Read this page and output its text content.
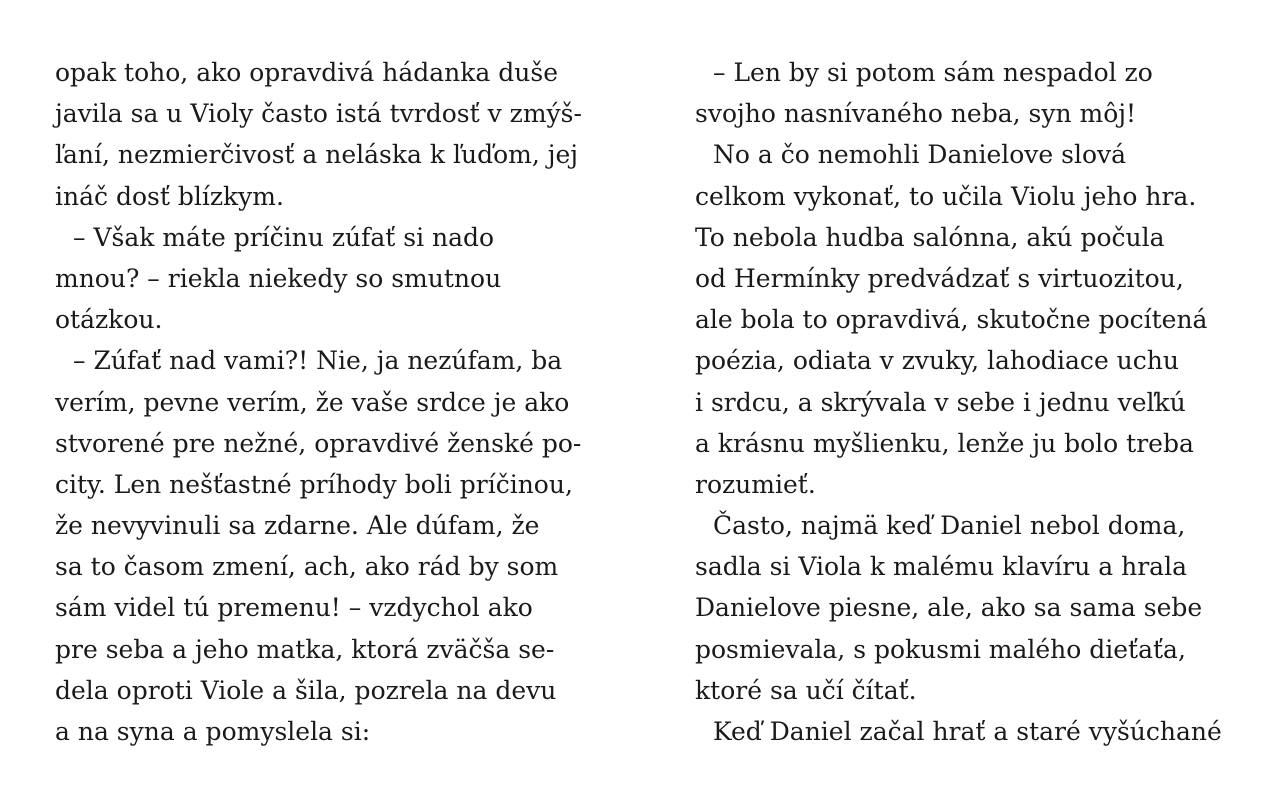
opak toho, ako opravdivá hádanka duše
javila sa u Violy často istá tvrdosť v zmýš-
ľaní, nezmierčivosť a neláska k ľuďom, jej
ináč dosť blízkym.
– Však máte príčinu zúfať si nado
mnou? – riekla niekedy so smutnou
otázkou.
– Zúfať nad vami?! Nie, ja nezúfam, ba
verím, pevne verím, že vaše srdce je ako
stvorené pre nežné, opravdivé ženské po-
city. Len nešťastné príhody boli príčinou,
že nevyvinuli sa zdarne. Ale dúfam, že
sa to časom zmení, ach, ako rád by som
sám videl tú premenu! – vzdychol ako
pre seba a jeho matka, ktorá zväčša se-
dela oproti Viole a šila, pozrela na devu
a na syna a pomyslela si:
– Len by si potom sám nespadol zo
svojho nasnívaného neba, syn môj!
No a čo nemohli Danielove slová
celkom vykonať, to učila Violu jeho hra.
To nebola hudba salónna, akú počula
od Hermínky predvádzať s virtuozitou,
ale bola to opravdivá, skutočne pocítená
poézia, odiata v zvuky, lahodiace uchu
i srdcu, a skrývala v sebe i jednu veľkú
a krásnu myšlienku, lenže ju bolo treba
rozumieť.
Často, najmä keď Daniel nebol doma,
sadla si Viola k malému klavíru a hrala
Danielove piesne, ale, ako sa sama sebe
posmievala, s pokusmi malého dieťaťa,
ktoré sa učí čítať.
Keď Daniel začal hrať a staré vyšúchané
